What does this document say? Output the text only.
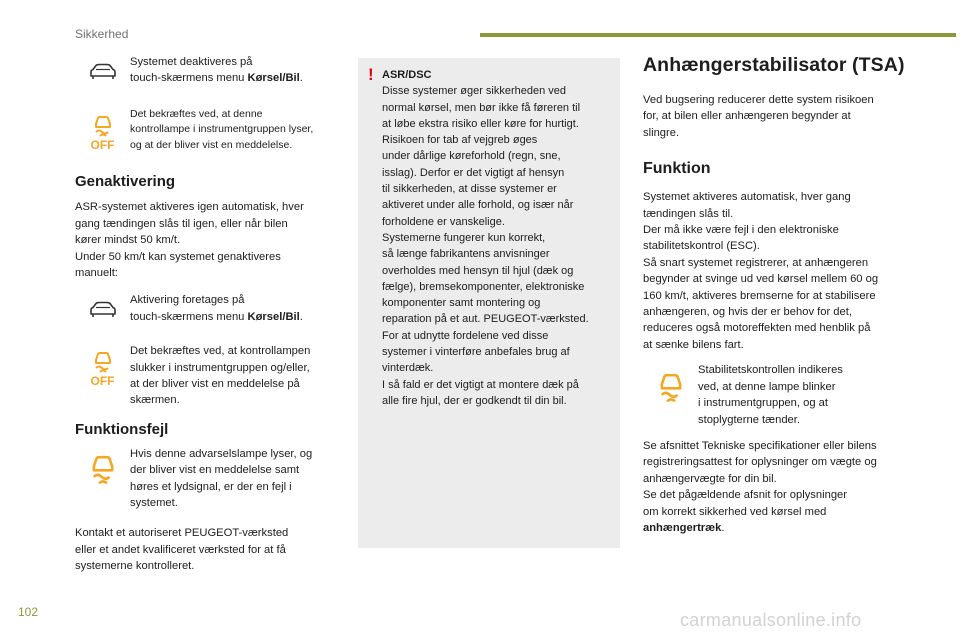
Sikkerhed

Systemet deaktiveres på
touch-skærmens menu Kørsel/Bil.

OFF

Det bekræftes ved, at denne
kontrollampe i instrumentgruppen lyser,
og at der bliver vist en meddelelse.

Genaktivering

ASR-systemet aktiveres igen automatisk, hver
gang tændingen slås til igen, eller når bilen
kører mindst 50 km/t.
Under 50 km/t kan systemet genaktiveres
manuelt:

Aktivering foretages på
touch-skærmens menu Kørsel/Bil.

OFF

Det bekræftes ved, at kontrollampen
slukker i instrumentgruppen og/eller,
at der bliver vist en meddelelse på
skærmen.

Funktionsfejl

Hvis denne advarselslampe lyser, og
der bliver vist en meddelelse samt
høres et lydsignal, er der en fejl i
systemet.

Kontakt et autoriseret PEUGEOT-værksted
eller et andet kvalificeret værksted for at få
systemerne kontrolleret.

! ASR/DSC

Disse systemer øger sikkerheden ved
normal kørsel, men bør ikke få føreren til
at løbe ekstra risiko eller køre for hurtigt.
Risikoen for tab af vejgreb øges
under dårlige køreforhold (regn, sne,
isslag). Derfor er det vigtigt af hensyn
til sikkerheden, at disse systemer er
aktiveret under alle forhold, og især når
forholdene er vanskelige.
Systemerne fungerer kun korrekt,
så længe fabrikantens anvisninger
overholdes med hensyn til hjul (dæk og
fælge), bremsekomponenter, elektroniske
komponenter samt montering og
reparation på et aut. PEUGEOT-værksted.
For at udnytte fordelene ved disse
systemer i vinterføre anbefales brug af
vinterdæk.
I så fald er det vigtigt at montere dæk på
alle fire hjul, der er godkendt til din bil.

Anhængerstabilisator (TSA)

Ved bugsering reducerer dette system risikoen
for, at bilen eller anhængeren begynder at
slingre.

Funktion

Systemet aktiveres automatisk, hver gang
tændingen slås til.
Der må ikke være fejl i den elektroniske
stabilitetskontrol (ESC).
Så snart systemet registrerer, at anhængeren
begynder at svinge ud ved kørsel mellem 60 og
160 km/t, aktiveres bremserne for at stabilisere
anhængeren, og hvis der er behov for det,
reduceres også motoreffekten med henblik på
at sænke bilens fart.

Stabilitetskontrollen indikeres
ved, at denne lampe blinker
i instrumentgruppen, og at
stoplygterne tænder.

Se afsnittet Tekniske specifikationer eller bilens
registreringsattest for oplysninger om vægte og
anhængervægte for din bil.
Se det pågældende afsnit for oplysninger
om korrekt sikkerhed ved kørsel med
anhængertræk.

102	carmanualsonline.info
